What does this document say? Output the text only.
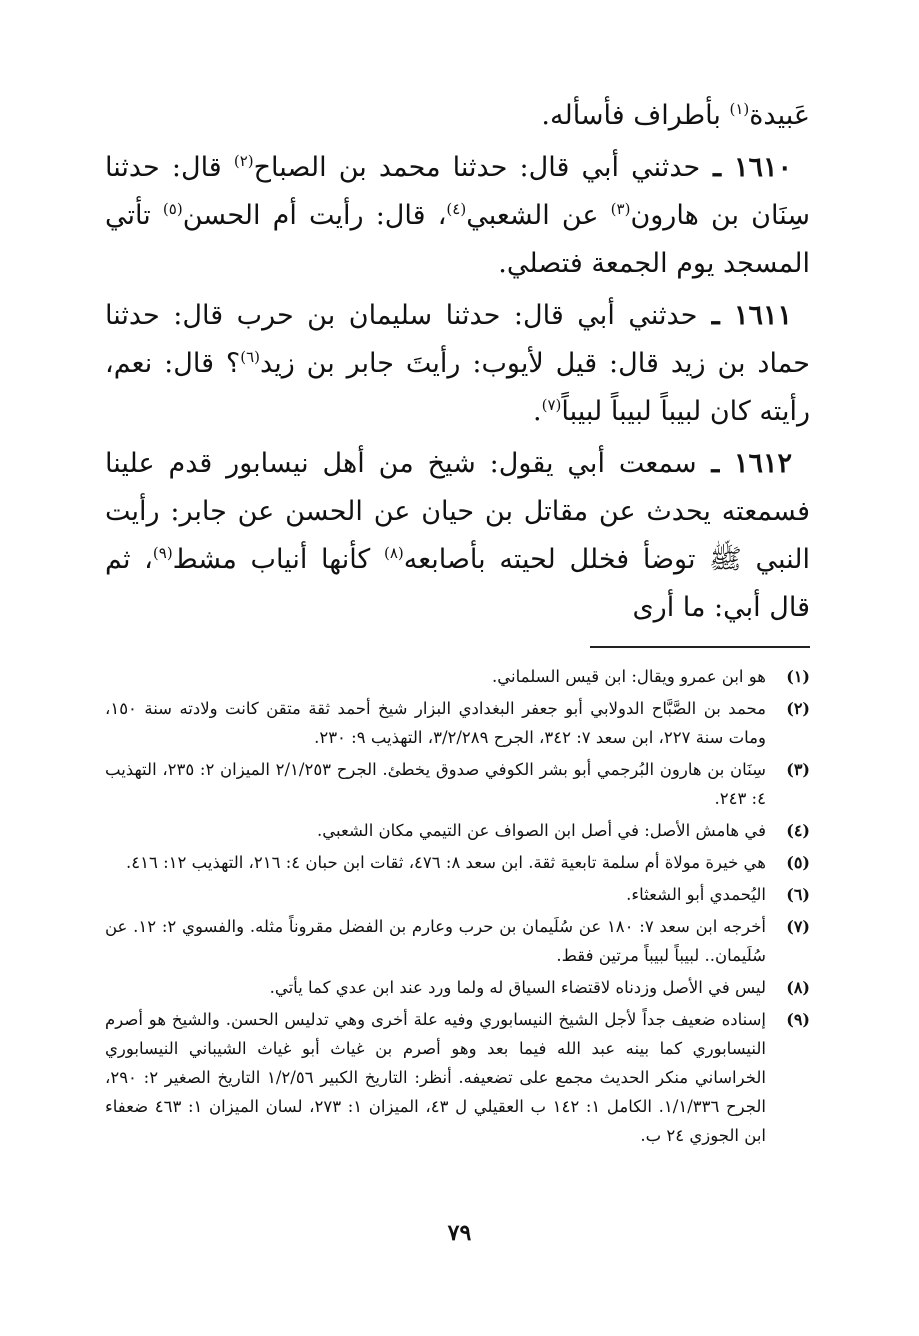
عَبيدة$^{(١)}$ بأطراف فأسأله.

١٦١٠ ـ حدثني أبي قال: حدثنا محمد بن الصباح$^{(٢)}$ قال: حدثنا سِنَان بن هارون$^{(٣)}$ عن الشعبي$^{(٤)}$، قال: رأيت أم الحسن$^{(٥)}$ تأتي المسجد يوم الجمعة فتصلي.

١٦١١ ـ حدثني أبي قال: حدثنا سليمان بن حرب قال: حدثنا حماد بن زيد قال: قيل لأيوب: رأيتَ جابر بن زيد$^{(٦)}$؟ قال: نعم، رأيته كان لبيباً لبيباً لبيباً$^{(٧)}$.

١٦١٢ ـ سمعت أبي يقول: شيخ من أهل نيسابور قدم علينا فسمعته يحدث عن مقاتل بن حيان عن الحسن عن جابر: رأيت النبي ﷺ توضأ فخلل لحيته بأصابعه$^{(٨)}$ كأنها أنياب مشط$^{(٩)}$، ثم قال أبي: ما أرى

(١)
هو ابن عمرو ويقال: ابن قيس السلماني.
(٢)
محمد بن الصَّبَّاح الدولابي أبو جعفر البغدادي البزار شيخ أحمد ثقة متقن كانت ولادته سنة ١٥٠، ومات سنة ٢٢٧، ابن سعد ٧: ٣٤٢، الجرح ٣/٢/٢٨٩، التهذيب ٩: ٢٣٠.
(٣)
سِنَان بن هارون البُرجمي أبو بشر الكوفي صدوق يخطئ. الجرح ٢/١/٢٥٣ الميزان ٢: ٢٣٥، التهذيب ٤: ٢٤٣.
(٤)
في هامش الأصل: في أصل ابن الصواف عن التيمي مكان الشعبي.
(٥)
هي خيرة مولاة أم سلمة تابعية ثقة. ابن سعد ٨: ٤٧٦، ثقات ابن حبان ٤: ٢١٦، التهذيب ١٢: ٤١٦.
(٦)
اليُحمدي أبو الشعثاء.
(٧)
أخرجه ابن سعد ٧: ١٨٠ عن سُلَيمان بن حرب وعارم بن الفضل مقروناً مثله. والفسوي ٢: ١٢. عن سُلَيمان.. لبيباً لبيباً مرتين فقط.
(٨)
ليس في الأصل وزدناه لاقتضاء السياق له ولما ورد عند ابن عدي كما يأتي.
(٩)
إسناده ضعيف جداً لأجل الشيخ النيسابوري وفيه علة أخرى وهي تدليس الحسن. والشيخ هو أصرم النيسابوري كما بينه عبد الله فيما بعد وهو أصرم بن غياث أبو غياث الشيباني النيسابوري الخراساني منكر الحديث مجمع على تضعيفه. أنظر: التاريخ الكبير ١/٢/٥٦ التاريخ الصغير ٢: ٢٩٠، الجرح ١/١/٣٣٦. الكامل ١: ١٤٢ ب العقيلي ل ٤٣، الميزان ١: ٢٧٣، لسان الميزان ١: ٤٦٣ ضعفاء ابن الجوزي ٢٤ ب.
٧٩
